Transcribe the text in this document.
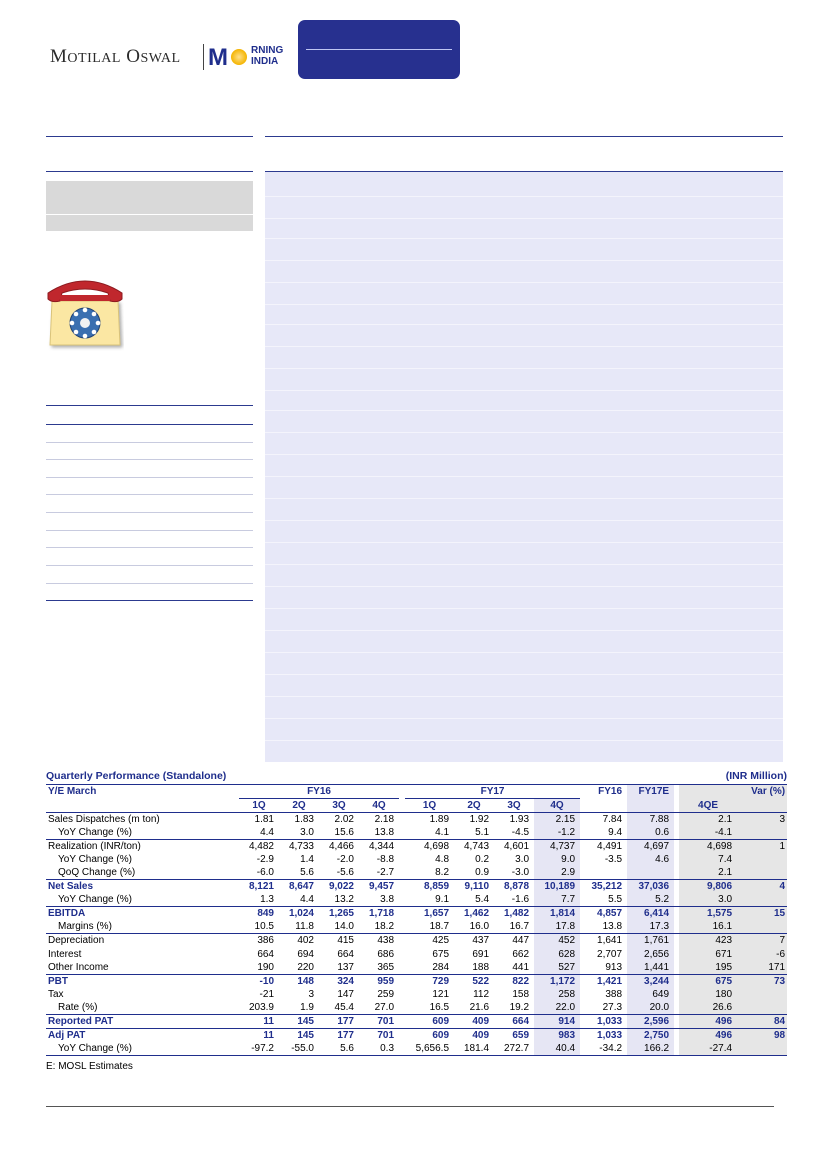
MOTILAL OSWAL M RNING
INDIA
Quarterly Performance (Standalone)	(INR Million)
Y/E March	FY16					FY17					FY16	FY17E			Var (%)
	1Q	2Q	3Q	4Q		1Q	2Q	3Q	4Q					4QE	
Sales Dispatches (m ton)	1.81	1.83	2.02	2.18		1.89	1.92	1.93	2.15		7.84	7.88		2.1	3
YoY Change (%)	4.4	3.0	15.6	13.8		4.1	5.1	-4.5	-1.2		9.4	0.6		-4.1	
Realization (INR/ton)	4,482	4,733	4,466	4,344		4,698	4,743	4,601	4,737		4,491	4,697		4,698	1
YoY Change (%)	-2.9	1.4	-2.0	-8.8		4.8	0.2	3.0	9.0		-3.5	4.6		7.4	
QoQ Change (%)	-6.0	5.6	-5.6	-2.7		8.2	0.9	-3.0	2.9					2.1	
Net Sales	8,121	8,647	9,022	9,457		8,859	9,110	8,878	10,189		35,212	37,036		9,806	4
YoY Change (%)	1.3	4.4	13.2	3.8		9.1	5.4	-1.6	7.7		5.5	5.2		3.0	
EBITDA	849	1,024	1,265	1,718		1,657	1,462	1,482	1,814		4,857	6,414		1,575	15
Margins (%)	10.5	11.8	14.0	18.2		18.7	16.0	16.7	17.8		13.8	17.3		16.1	
Depreciation	386	402	415	438		425	437	447	452		1,641	1,761		423	7
Interest	664	694	664	686		675	691	662	628		2,707	2,656		671	-6
Other Income	190	220	137	365		284	188	441	527		913	1,441		195	171
PBT	-10	148	324	959		729	522	822	1,172		1,421	3,244		675	73
Tax	-21	3	147	259		121	112	158	258		388	649		180	
Rate (%)	203.9	1.9	45.4	27.0		16.5	21.6	19.2	22.0		27.3	20.0		26.6	
Reported PAT	11	145	177	701		609	409	664	914		1,033	2,596		496	84
Adj PAT	11	145	177	701		609	409	659	983		1,033	2,750		496	98
YoY Change (%)	-97.2	-55.0	5.6	0.3		5,656.5	181.4	272.7	40.4		-34.2	166.2		-27.4	
E: MOSL Estimates
